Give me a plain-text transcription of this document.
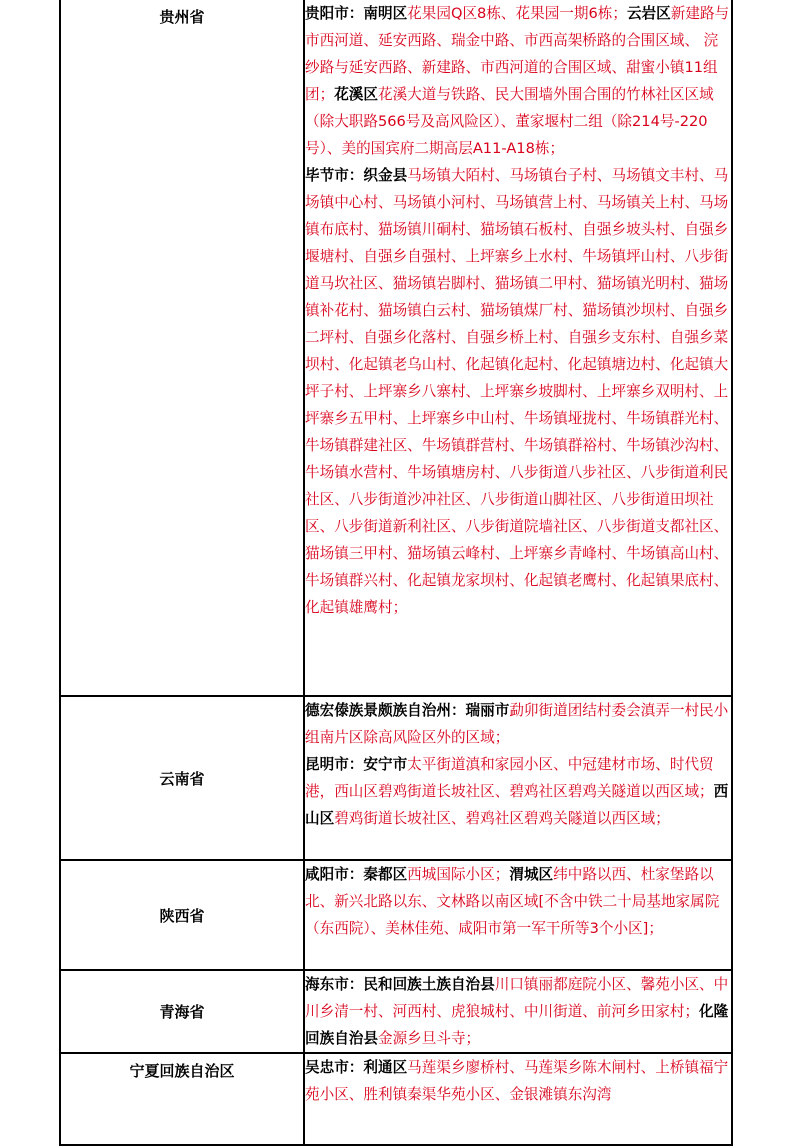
贵州省	贵阳市：南明区花果园Q区8栋、花果园一期6栋；云岩区新建路与市西河道、延安西路、瑞金中路、市西高架桥路的合围区域、 浣纱路与延安西路、新建路、市西河道的合围区域、甜蜜小镇11组团；花溪区花溪大道与铁路、民大围墙外围合围的竹林社区区域（除大职路566号及高风险区）、董家堰村二组（除214号-220号）、美的国宾府二期高层A11-A18栋；

毕节市：织金县马场镇大陌村、马场镇台子村、马场镇文丰村、马场镇中心村、马场镇小河村、马场镇营上村、马场镇关上村、马场镇布底村、猫场镇川硐村、猫场镇石板村、自强乡坡头村、自强乡堰塘村、自强乡自强村、上坪寨乡上水村、牛场镇坪山村、八步街道马坎社区、猫场镇岩脚村、猫场镇二甲村、猫场镇光明村、猫场镇补花村、猫场镇白云村、猫场镇煤厂村、猫场镇沙坝村、自强乡二坪村、自强乡化落村、自强乡桥上村、自强乡支东村、自强乡菜坝村、化起镇老乌山村、化起镇化起村、化起镇塘边村、化起镇大坪子村、上坪寨乡八寨村、上坪寨乡坡脚村、上坪寨乡双明村、上坪寨乡五甲村、上坪寨乡中山村、牛场镇垭拢村、牛场镇群光村、牛场镇群建社区、牛场镇群营村、牛场镇群裕村、牛场镇沙沟村、牛场镇水营村、牛场镇塘房村、八步街道八步社区、八步街道利民社区、八步街道沙冲社区、八步街道山脚社区、八步街道田坝社区、八步街道新利社区、八步街道院墙社区、八步街道支都社区、猫场镇三甲村、猫场镇云峰村、上坪寨乡青峰村、牛场镇高山村、牛场镇群兴村、化起镇龙家坝村、化起镇老鹰村、化起镇果底村、化起镇雄鹰村；

云南省	德宏傣族景颇族自治州：瑞丽市勐卯街道团结村委会滇弄一村民小组南片区除高风险区外的区域；

昆明市：安宁市太平街道滇和家园小区、中冠建材市场、时代贸港，西山区碧鸡街道长坡社区、碧鸡社区碧鸡关隧道以西区域；西山区碧鸡街道长坡社区、碧鸡社区碧鸡关隧道以西区域；

陕西省	咸阳市：秦都区西城国际小区；渭城区纬中路以西、杜家堡路以北、新兴北路以东、文林路以南区域[不含中铁二十局基地家属院（东西院）、美林佳苑、咸阳市第一军干所等3个小区]；

青海省	海东市：民和回族土族自治县川口镇丽都庭院小区、馨苑小区、中川乡清一村、河西村、虎狼城村、中川街道、前河乡田家村；化隆回族自治县金源乡旦斗寺；

宁夏回族自治区	吴忠市：利通区马莲渠乡廖桥村、马莲渠乡陈木闸村、上桥镇福宁苑小区、胜利镇秦渠华苑小区、金银滩镇东沟湾
